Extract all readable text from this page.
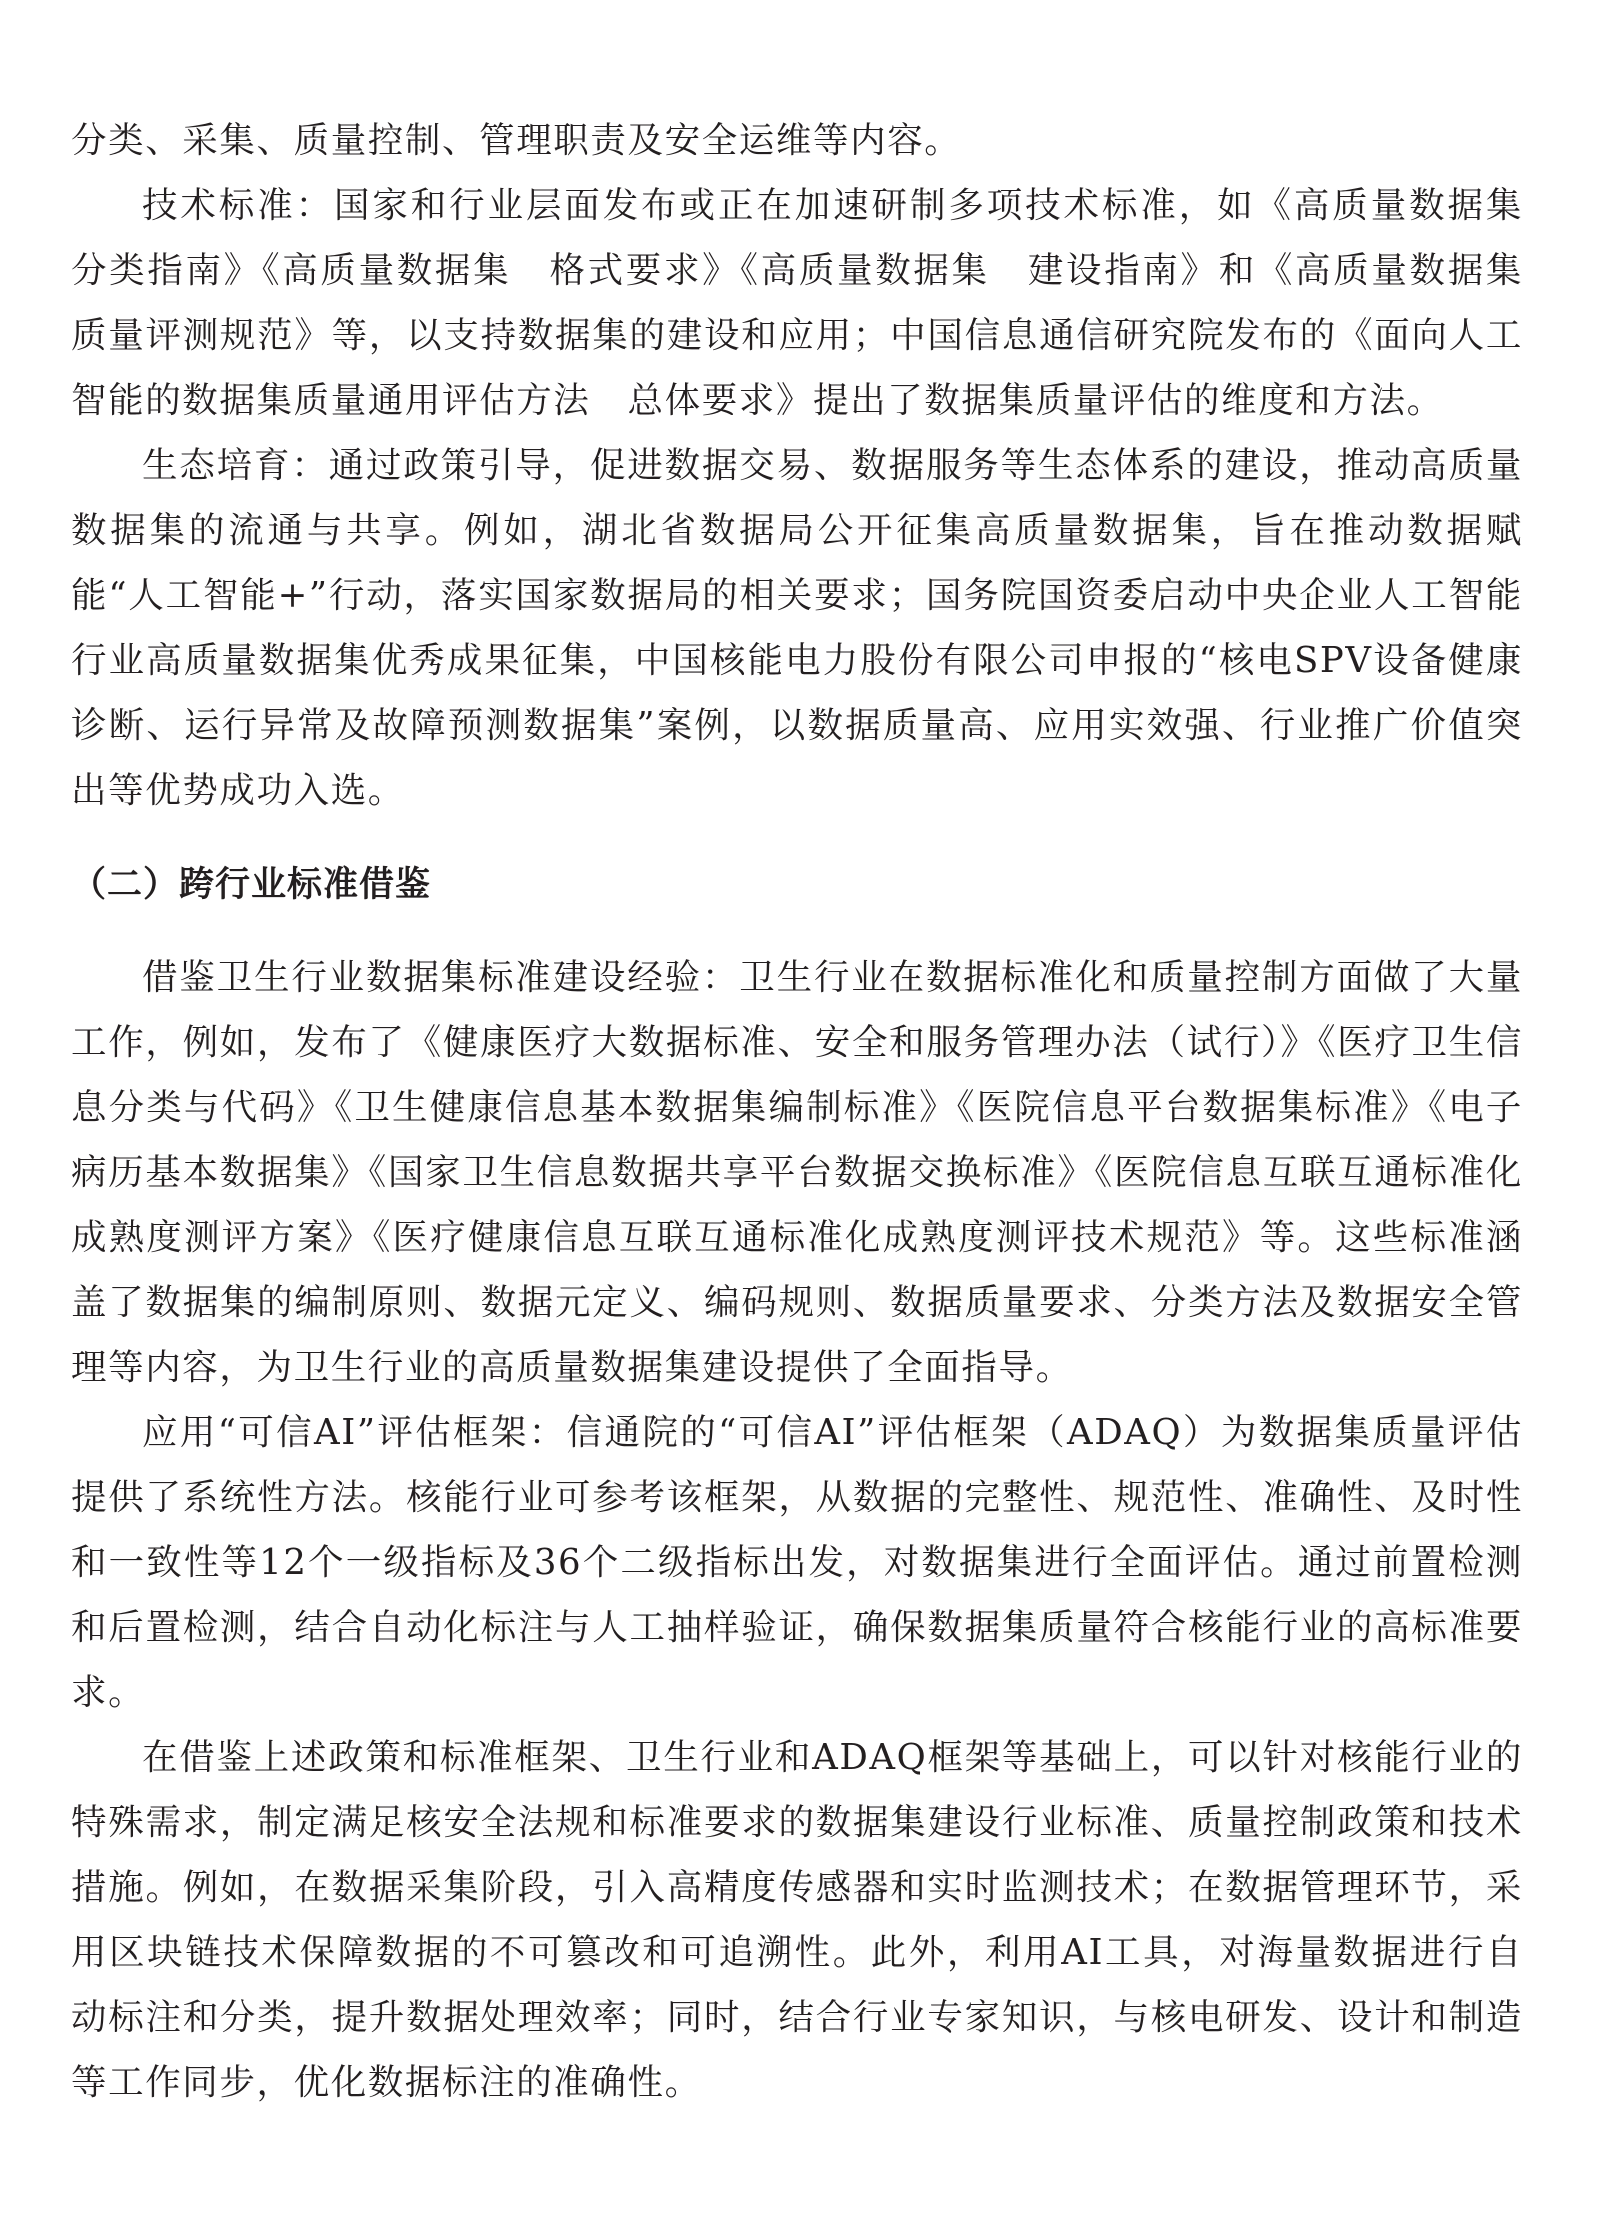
分类、采集、质量控制、管理职责及安全运维等内容。

技术标准：国家和行业层面发布或正在加速研制多项技术标准，如《高质量数据集　分类指南》《高质量数据集　格式要求》《高质量数据集　建设指南》和《高质量数据集　质量评测规范》等，以支持数据集的建设和应用；中国信息通信研究院发布的《面向人工智能的数据集质量通用评估方法　总体要求》提出了数据集质量评估的维度和方法。

生态培育：通过政策引导，促进数据交易、数据服务等生态体系的建设，推动高质量数据集的流通与共享。例如，湖北省数据局公开征集高质量数据集，旨在推动数据赋能“人工智能+”行动，落实国家数据局的相关要求；国务院国资委启动中央企业人工智能行业高质量数据集优秀成果征集，中国核能电力股份有限公司申报的“核电SPV设备健康诊断、运行异常及故障预测数据集”案例，以数据质量高、应用实效强、行业推广价值突出等优势成功入选。

（二）跨行业标准借鉴

借鉴卫生行业数据集标准建设经验：卫生行业在数据标准化和质量控制方面做了大量工作，例如，发布了《健康医疗大数据标准、安全和服务管理办法（试行）》《医疗卫生信息分类与代码》《卫生健康信息基本数据集编制标准》《医院信息平台数据集标准》《电子病历基本数据集》《国家卫生信息数据共享平台数据交换标准》《医院信息互联互通标准化成熟度测评方案》《医疗健康信息互联互通标准化成熟度测评技术规范》等。这些标准涵盖了数据集的编制原则、数据元定义、编码规则、数据质量要求、分类方法及数据安全管理等内容，为卫生行业的高质量数据集建设提供了全面指导。

应用“可信AI”评估框架：信通院的“可信AI”评估框架（ADAQ）为数据集质量评估提供了系统性方法。核能行业可参考该框架，从数据的完整性、规范性、准确性、及时性和一致性等12个一级指标及36个二级指标出发，对数据集进行全面评估。通过前置检测和后置检测，结合自动化标注与人工抽样验证，确保数据集质量符合核能行业的高标准要求。

在借鉴上述政策和标准框架、卫生行业和ADAQ框架等基础上，可以针对核能行业的特殊需求，制定满足核安全法规和标准要求的数据集建设行业标准、质量控制政策和技术措施。例如，在数据采集阶段，引入高精度传感器和实时监测技术；在数据管理环节，采用区块链技术保障数据的不可篡改和可追溯性。此外，利用AI工具，对海量数据进行自动标注和分类，提升数据处理效率；同时，结合行业专家知识，与核电研发、设计和制造等工作同步，优化数据标注的准确性。
